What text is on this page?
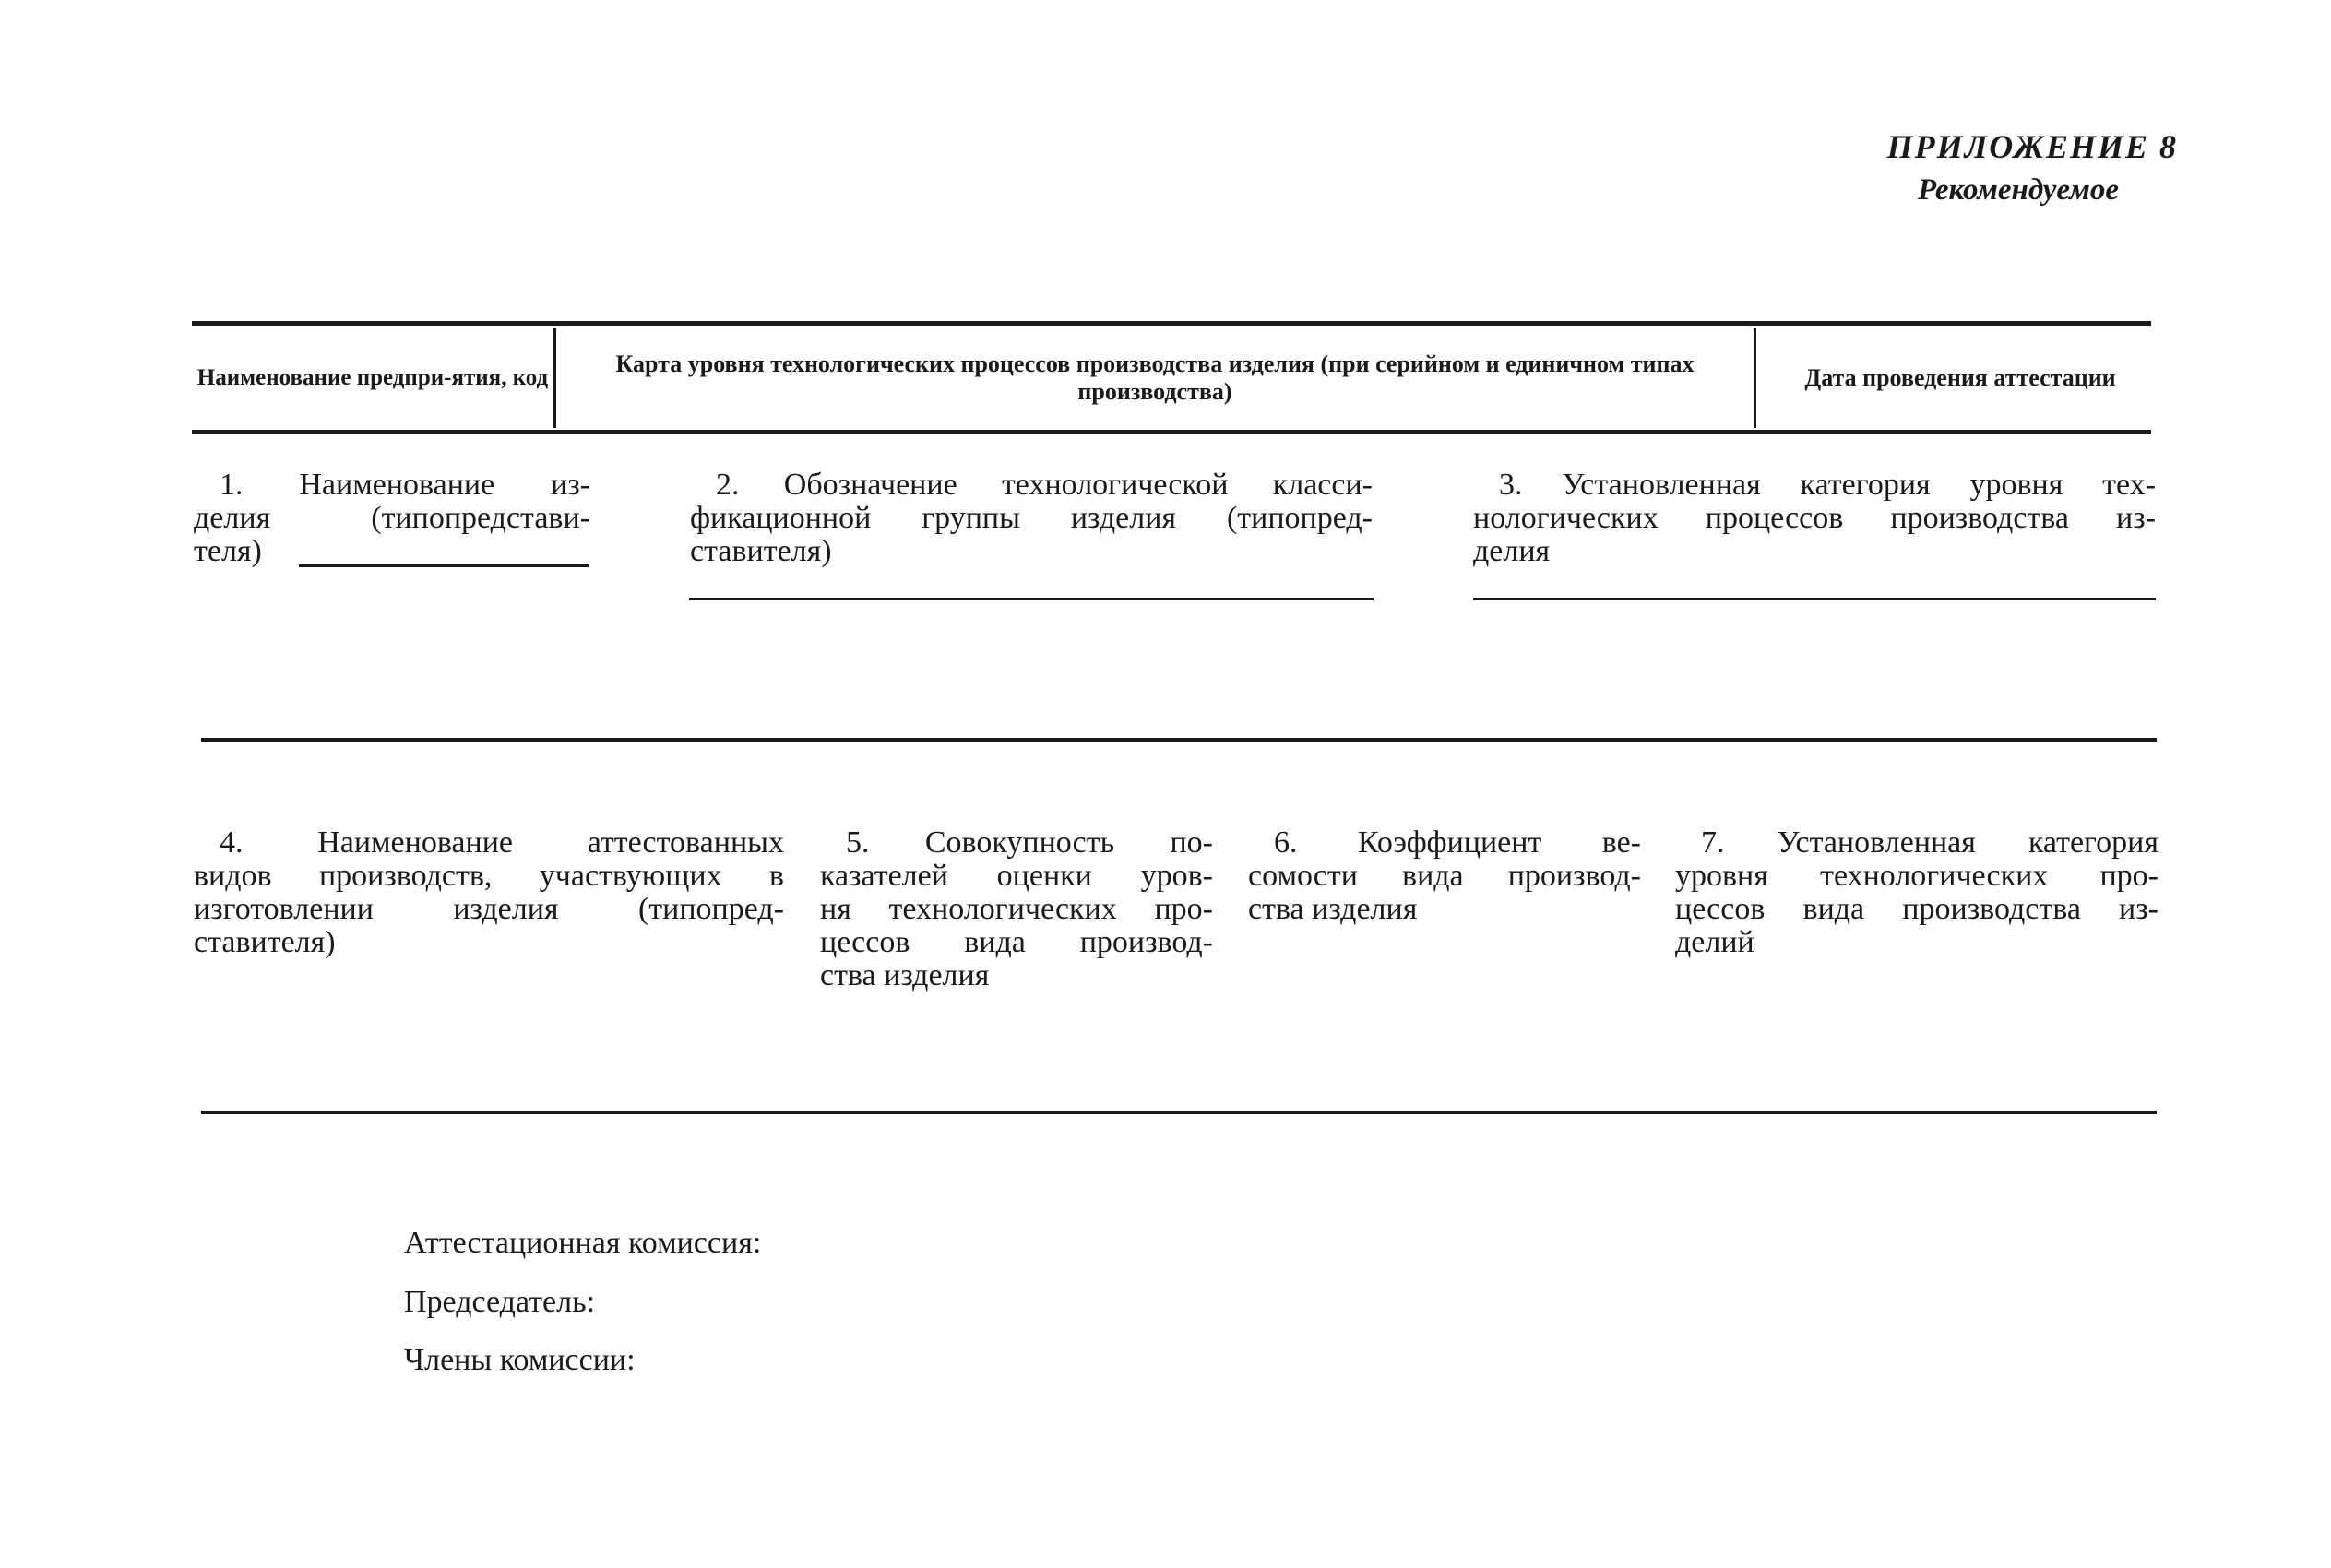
ПРИЛОЖЕНИЕ 8
Рекомендуемое
Наименование предпри-ятия, код
Карта уровня технологических процессов производства изделия (при серийном и единичном типах производства)
Дата проведения аттестации

1. Наименование из-

делия (типопредстави-

теля)

2. Обозначение технологической класси-

фикационной группы изделия (типопред-

ставителя)

3. Установленная категория уровня тех-

нологических процессов производства из-

делия

4. Наименование аттестованных

видов производств, участвующих в

изготовлении изделия (типопред-

ставителя)

5. Совокупность по-

казателей оценки уров-

ня технологических про-

цессов вида производ-

ства изделия

6. Коэффициент ве-

сомости вида производ-

ства изделия

7. Установленная категория

уровня технологических про-

цессов вида производства из-

делий

Аттестационная комиссия:
Председатель:
Члены комиссии:
